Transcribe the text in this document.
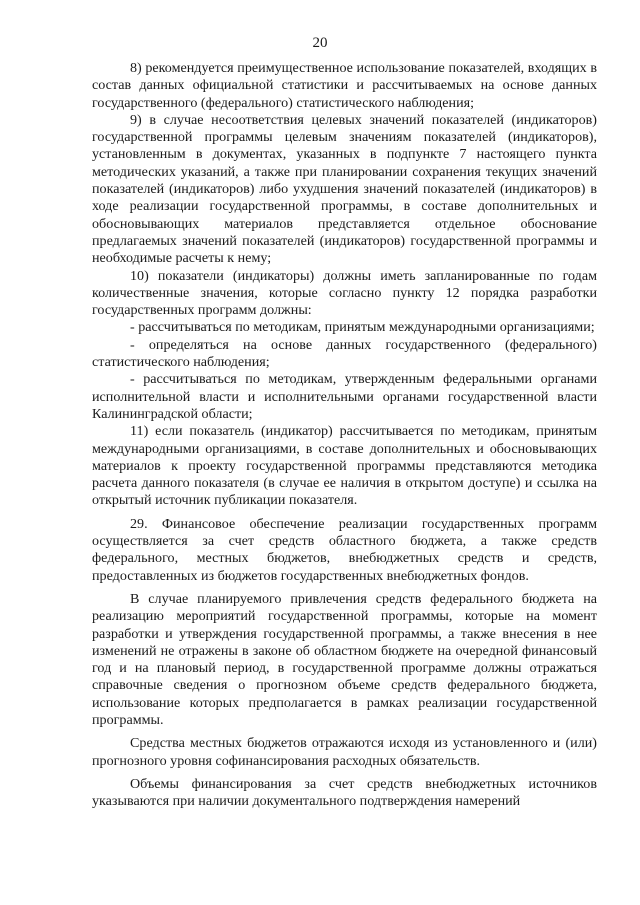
20

8) рекомендуется преимущественное использование показателей, входящих в состав данных официальной статистики и рассчитываемых на основе данных государственного (федерального) статистического наблюдения;

9) в случае несоответствия целевых значений показателей (индикаторов) государственной программы целевым значениям показателей (индикаторов), установленным в документах, указанных в подпункте 7 настоящего пункта методических указаний, а также при планировании сохранения текущих значений показателей (индикаторов) либо ухудшения значений показателей (индикаторов) в ходе реализации государственной программы, в составе дополнительных и обосновывающих материалов представляется отдельное обоснование предлагаемых значений показателей (индикаторов) государственной программы и необходимые расчеты к нему;

10) показатели (индикаторы) должны иметь запланированные по годам количественные значения, которые согласно пункту 12 порядка разработки государственных программ должны:

- рассчитываться по методикам, принятым международными организациями;

- определяться на основе данных государственного (федерального) статистического наблюдения;

- рассчитываться по методикам, утвержденным федеральными органами исполнительной власти и исполнительными органами государственной власти Калининградской области;

11) если показатель (индикатор) рассчитывается по методикам, принятым международными организациями, в составе дополнительных и обосновывающих материалов к проекту государственной программы представляются методика расчета данного показателя (в случае ее наличия в открытом доступе) и ссылка на открытый источник публикации показателя.

29. Финансовое обеспечение реализации государственных программ осуществляется за счет средств областного бюджета, а также средств федерального, местных бюджетов, внебюджетных средств и средств, предоставленных из бюджетов государственных внебюджетных фондов.

В случае планируемого привлечения средств федерального бюджета на реализацию мероприятий государственной программы, которые на момент разработки и утверждения государственной программы, а также внесения в нее изменений не отражены в законе об областном бюджете на очередной финансовый год и на плановый период, в государственной программе должны отражаться справочные сведения о прогнозном объеме средств федерального бюджета, использование которых предполагается в рамках реализации государственной программы.

Средства местных бюджетов отражаются исходя из установленного и (или) прогнозного уровня софинансирования расходных обязательств.

Объемы финансирования за счет средств внебюджетных источников указываются при наличии документального подтверждения намерений
